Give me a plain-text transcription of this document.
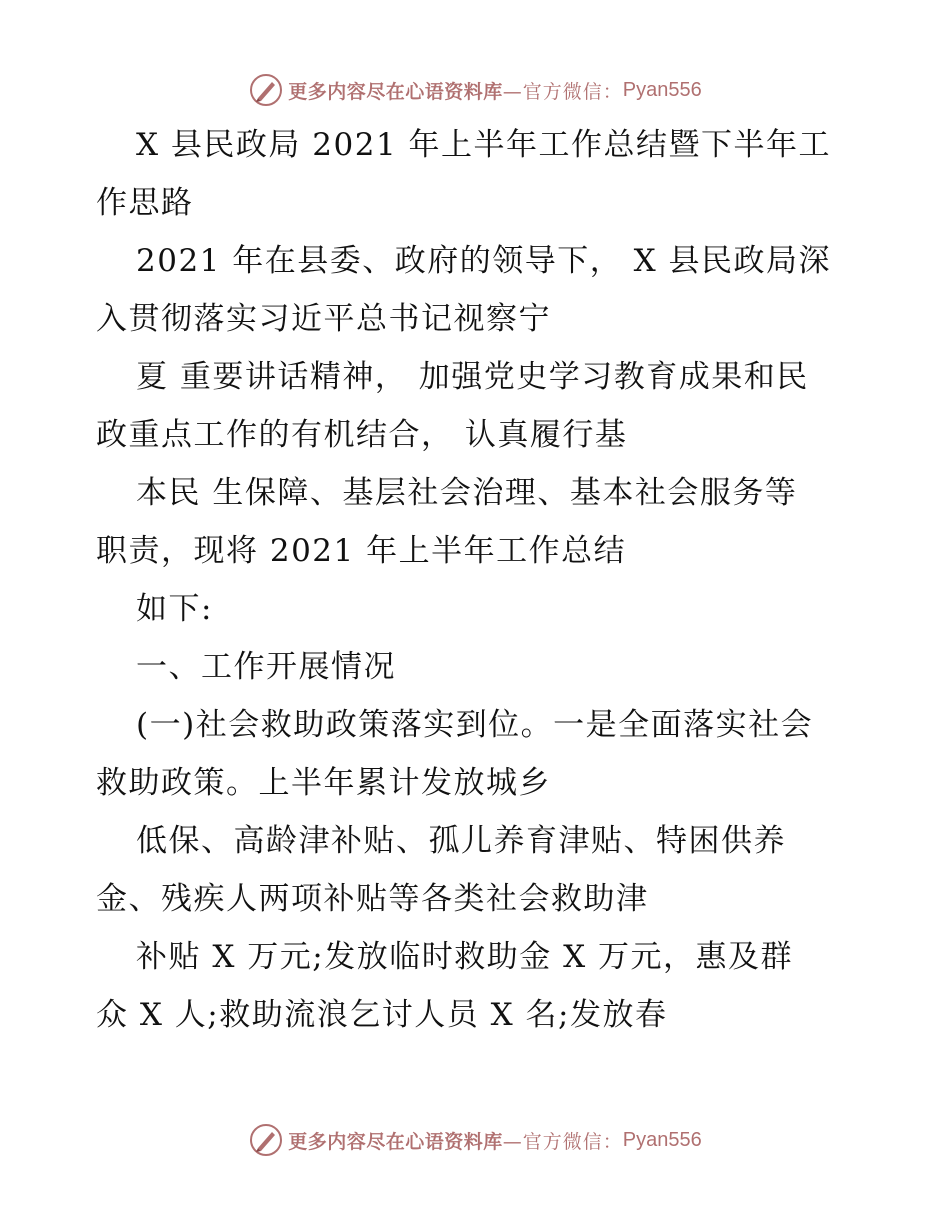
更多内容尽在心语资料库 —官方微信： Pyan556
X 县民政局 2021 年上半年工作总结暨下半年工
作思路
2021 年在县委、政府的领导下， X 县民政局深
入贯彻落实习近平总书记视察宁
夏 重要讲话精神， 加强党史学习教育成果和民
政重点工作的有机结合， 认真履行基
本民 生保障、基层社会治理、基本社会服务等
职责，现将 2021 年上半年工作总结
如下:
一、工作开展情况
(一)社会救助政策落实到位。一是全面落实社会
救助政策。上半年累计发放城乡
低保、高龄津补贴、孤儿养育津贴、特困供养
金、残疾人两项补贴等各类社会救助津
补贴 X 万元;发放临时救助金 X 万元，惠及群
众 X 人;救助流浪乞讨人员 X 名;发放春
更多内容尽在心语资料库 —官方微信： Pyan556
